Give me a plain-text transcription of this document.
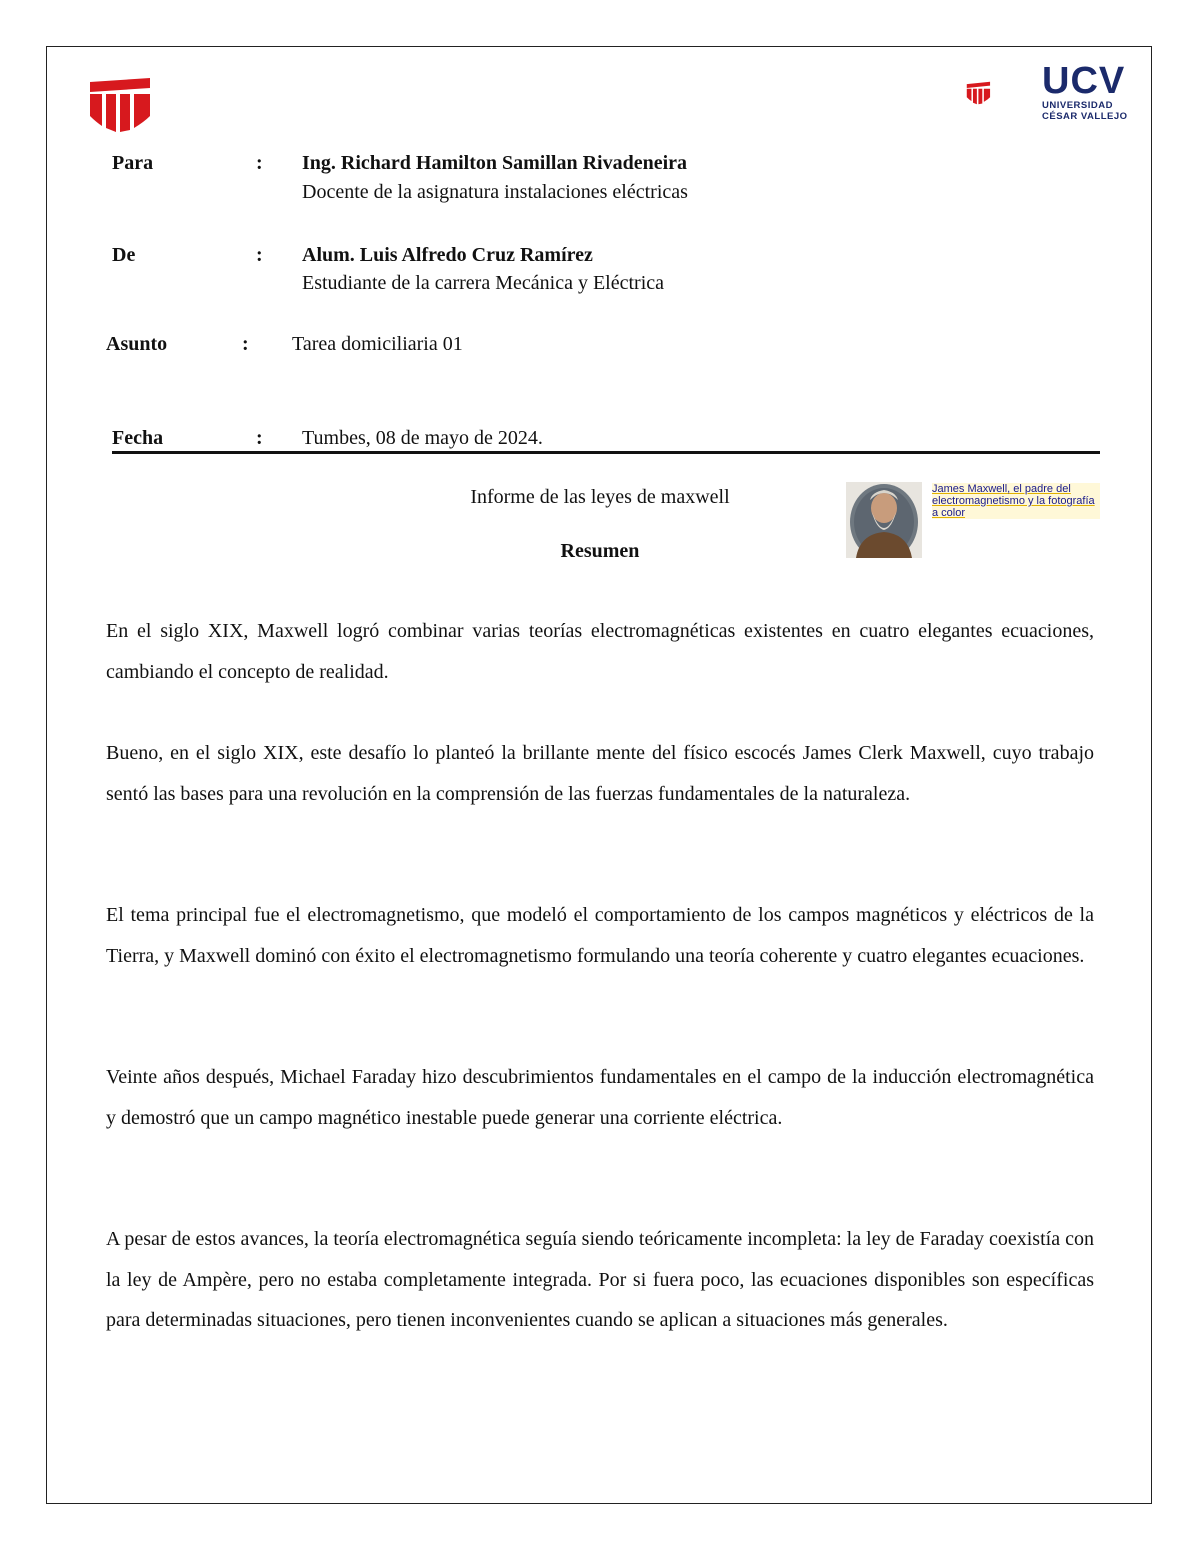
UCV
UNIVERSIDAD
CÉSAR VALLEJO
Para	: Ing. Richard Hamilton Samillan Rivadeneira
Docente de la asignatura instalaciones eléctricas
De	: Alum. Luis Alfredo Cruz Ramírez
Estudiante de la carrera Mecánica y Eléctrica
Asunto	: Tarea domiciliaria 01
Fecha	: Tumbes, 08 de mayo de 2024.
Informe de las leyes de maxwell
Resumen
James Maxwell, el padre del electromagnetismo y la fotografía a color

En el siglo XIX, Maxwell logró combinar varias teorías electromagnéticas existentes en cuatro elegantes ecuaciones, cambiando el concepto de realidad.

Bueno, en el siglo XIX, este desafío lo planteó la brillante mente del físico escocés James Clerk Maxwell, cuyo trabajo sentó las bases para una revolución en la comprensión de las fuerzas fundamentales de la naturaleza.

El tema principal fue el electromagnetismo, que modeló el comportamiento de los campos magnéticos y eléctricos de la Tierra, y Maxwell dominó con éxito el electromagnetismo formulando una teoría coherente y cuatro elegantes ecuaciones.

Veinte años después, Michael Faraday hizo descubrimientos fundamentales en el campo de la inducción electromagnética y demostró que un campo magnético inestable puede generar una corriente eléctrica.

A pesar de estos avances, la teoría electromagnética seguía siendo teóricamente incompleta: la ley de Faraday coexistía con la ley de Ampère, pero no estaba completamente integrada. Por si fuera poco, las ecuaciones disponibles son específicas para determinadas situaciones, pero tienen inconvenientes cuando se aplican a situaciones más generales.
